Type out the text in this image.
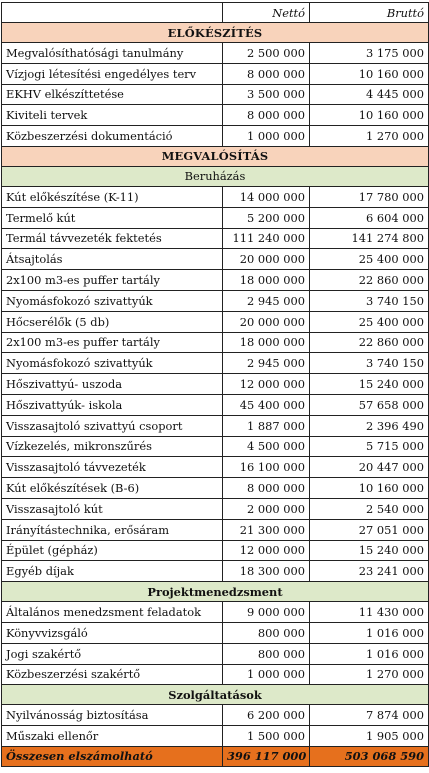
	Nettó	Bruttó
ELŐKÉSZÍTÉS		
Megvalósíthatósági tanulmány	2 500 000	3 175 000
Vízjogi létesítési engedélyes terv	8 000 000	10 160 000
EKHV elkészíttetése	3 500 000	4 445 000
Kiviteli tervek	8 000 000	10 160 000
Közbeszerzési dokumentáció	1 000 000	1 270 000
MEGVALÓSÍTÁS		
Beruházás		
Kút előkészítése (K-11)	14 000 000	17 780 000
Termelő kút	5 200 000	6 604 000
Termál távvezeték fektetés	111 240 000	141 274 800
Átsajtolás	20 000 000	25 400 000
2x100 m3-es puffer tartály	18 000 000	22 860 000
Nyomásfokozó szivattyúk	2 945 000	3 740 150
Hőcserélők (5 db)	20 000 000	25 400 000
2x100 m3-es puffer tartály	18 000 000	22 860 000
Nyomásfokozó szivattyúk	2 945 000	3 740 150
Hőszivattyú- uszoda	12 000 000	15 240 000
Hőszivattyúk- iskola	45 400 000	57 658 000
Visszasajtoló szivattyú csoport	1 887 000	2 396 490
Vízkezelés, mikronszűrés	4 500 000	5 715 000
Visszasajtoló távvezeték	16 100 000	20 447 000
Kút előkészítések (B-6)	8 000 000	10 160 000
Visszasajtoló kút	2 000 000	2 540 000
Irányítástechnika, erősáram	21 300 000	27 051 000
Épület (gépház)	12 000 000	15 240 000
Egyéb díjak	18 300 000	23 241 000
Projektmenedzsment		
Általános menedzsment feladatok	9 000 000	11 430 000
Könyvvizsgáló	800 000	1 016 000
Jogi szakértő	800 000	1 016 000
Közbeszerzési szakértő	1 000 000	1 270 000
Szolgáltatások		
Nyilvánosság biztosítása	6 200 000	7 874 000
Műszaki ellenőr	1 500 000	1 905 000
Összesen elszámolható	396 117 000	503 068 590
